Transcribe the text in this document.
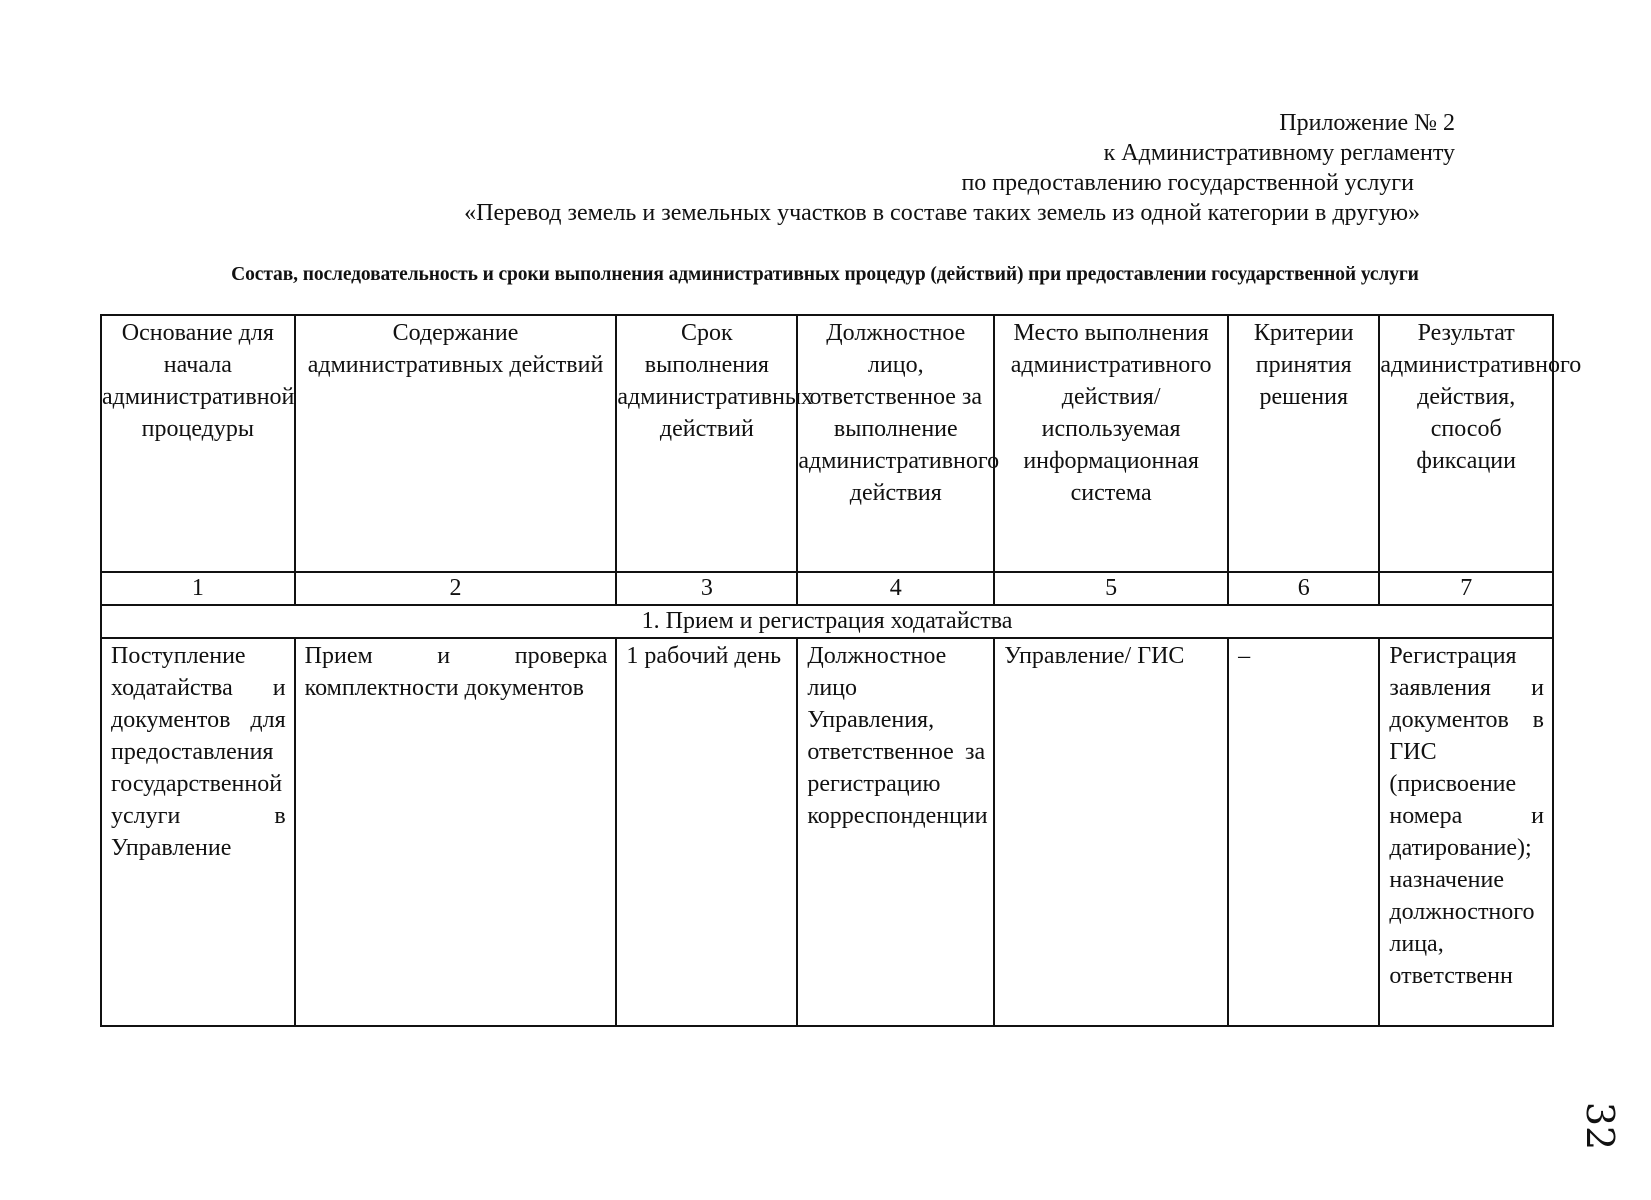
Приложение № 2
к Административному регламенту
по предоставлению государственной услуги
«Перевод земель и земельных участков в составе таких земель из одной категории в другую»
Состав, последовательность и сроки выполнения административных процедур (действий) при предоставлении государственной услуги
Основание для начала административной процедуры	Содержание административных действий	Срок выполнения административных действий	Должностное лицо, ответственное за выполнение административного действия	Место выполнения административного действия/используемая информационная система	Критерии принятия решения	Результат административного действия, способ фиксации
1	2	3	4	5	6	7
1. Прием и регистрация ходатайства						
Поступление ходатайства и документов для предоставления государственной услуги в Управление	Прием и проверка комплектности документов	1 рабочий день	Должностное лицо Управления, ответственное за регистрацию корреспонденции	Управление/ ГИС	–	Регистрация заявления и документов в ГИС (присвоение номера и датирование); назначение должностного лица, ответственн
32
